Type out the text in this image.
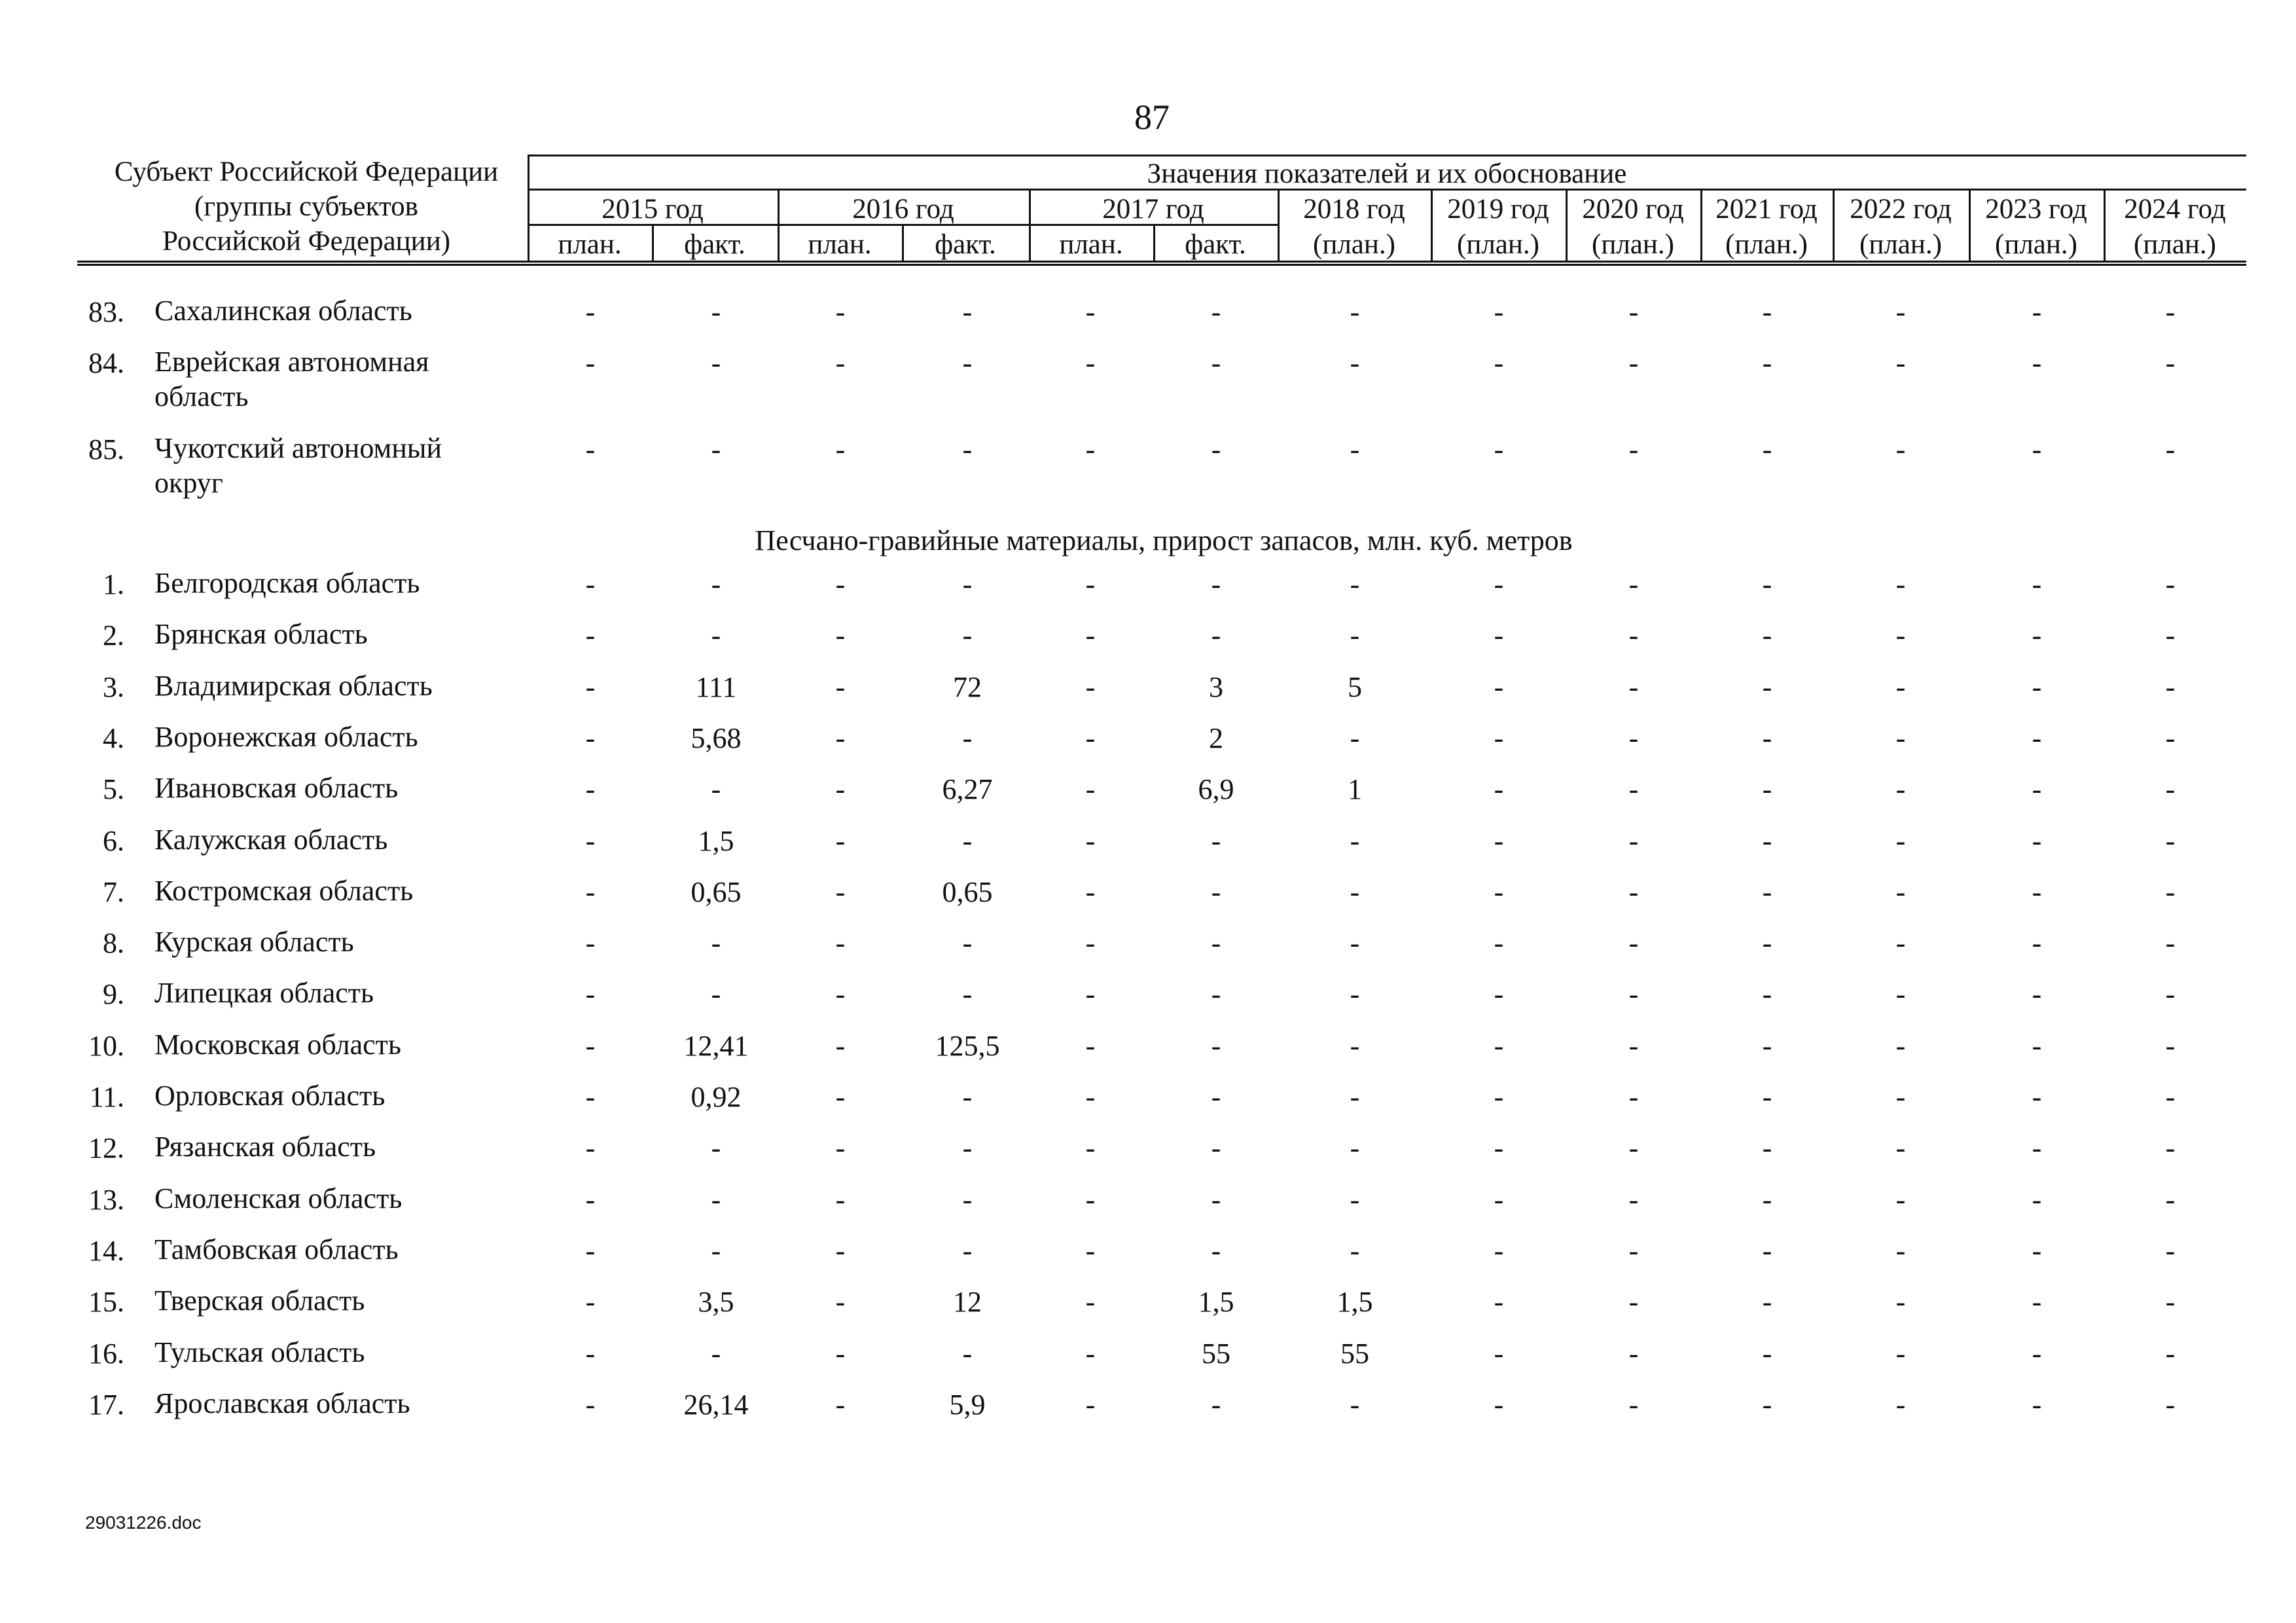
87
Субъект Российской Федерации
(группы субъектов
Российской Федерации)
Значения показателей и их обоснование
2015 год
план.	факт.
2016 год
план.	факт.
2017 год
план.	факт.
2018 год
(план.)
2019 год
(план.)
2020 год
(план.)
2021 год
(план.)
2022 год
(план.)
2023 год
(план.)
2024 год
(план.)
83. Сахалинская область	-	-	-	-	-	-	-	-	-	-	-	-	-
84. Еврейская автономная
область
-	-	-	-	-	-	-	-	-	-	-	-	-
85. Чукотский автономный
округ
-	-	-	-	-	-	-	-	-	-	-	-	-
Песчано-гравийные материалы, прирост запасов, млн. куб. метров
1. Белгородская область	-	-	-	-	-	-	-	-	-	-	-	-	-
2. Брянская область	-	-	-	-	-	-	-	-	-	-	-	-	-
3. Владимирская область	-	111	-	72	-	3	5	-	-	-	-	-	-
4. Воронежская область	-	5,68	-	-	-	2	-	-	-	-	-	-	-
5. Ивановская область	-	-	-	6,27	-	6,9	1	-	-	-	-	-	-
6. Калужская область	-	1,5	-	-	-	-	-	-	-	-	-	-	-
7. Костромская область	-	0,65	-	0,65	-	-	-	-	-	-	-	-	-
8. Курская область	-	-	-	-	-	-	-	-	-	-	-	-	-
9. Липецкая область	-	-	-	-	-	-	-	-	-	-	-	-	-
10. Московская область	-	12,41	-	125,5	-	-	-	-	-	-	-	-	-
11. Орловская область	-	0,92	-	-	-	-	-	-	-	-	-	-	-
12. Рязанская область	-	-	-	-	-	-	-	-	-	-	-	-	-
13. Смоленская область	-	-	-	-	-	-	-	-	-	-	-	-	-
14. Тамбовская область	-	-	-	-	-	-	-	-	-	-	-	-	-
15. Тверская область	-	3,5	-	12	-	1,5	1,5	-	-	-	-	-	-
16. Тульская область	-	-	-	-	-	55	55	-	-	-	-	-	-
17. Ярославская область	-	26,14	-	5,9	-	-	-	-	-	-	-	-	-
29031226.doc
